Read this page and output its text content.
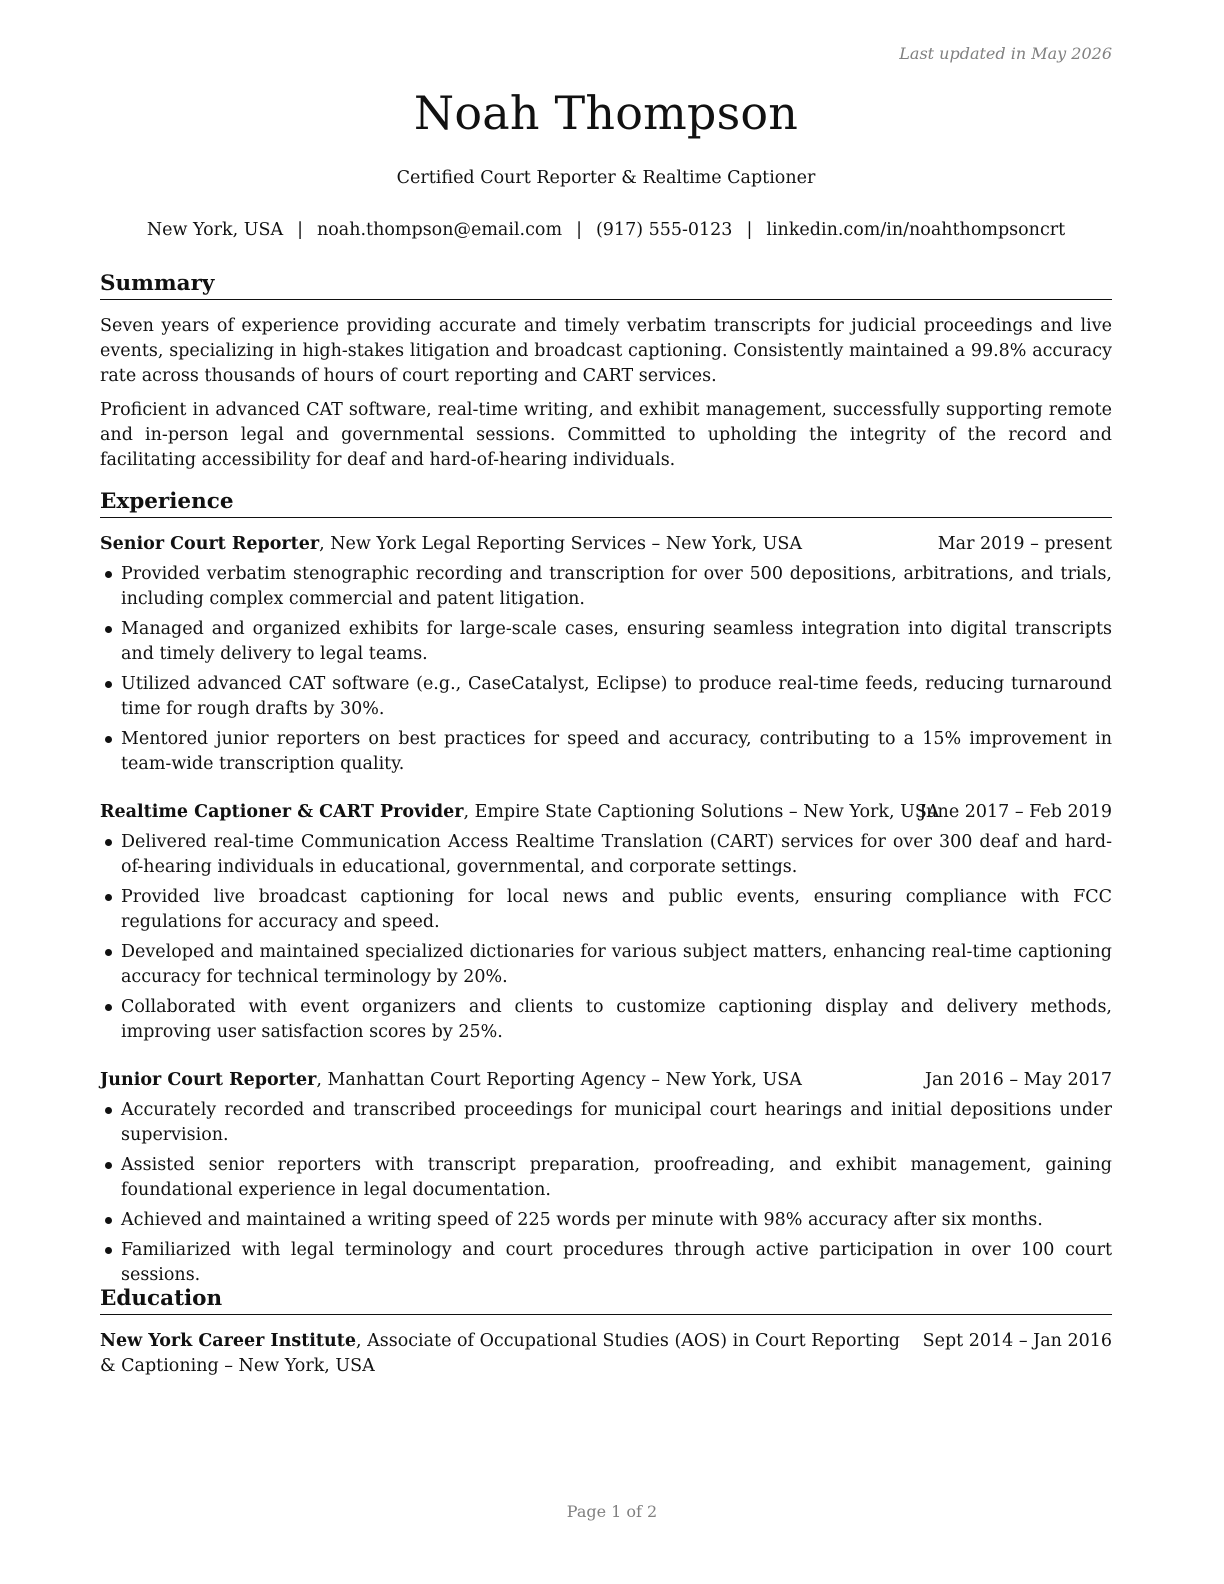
Last updated in May 2026
Noah Thompson
Certified Court Reporter & Realtime Captioner
New York, USA | noah.thompson@email.com | (917) 555-0123 | linkedin.com/in/noahthompsoncrt
Summary
Seven years of experience providing accurate and timely verbatim transcripts for judicial proceedings and live events, specializing in high-stakes litigation and broadcast captioning. Consistently maintained a 99.8% accuracy rate across thousands of hours of court reporting and CART services.
Proficient in advanced CAT software, real-time writing, and exhibit management, successfully supporting remote and in-person legal and governmental sessions. Committed to upholding the integrity of the record and facilitating accessibility for deaf and hard-of-hearing individuals.
Experience
Senior Court Reporter, New York Legal Reporting Services – New York, USA	Mar 2019 – present
Provided verbatim stenographic recording and transcription for over 500 depositions, arbitrations, and trials, including complex commercial and patent litigation.
Managed and organized exhibits for large-scale cases, ensuring seamless integration into digital transcripts and timely delivery to legal teams.
Utilized advanced CAT software (e.g., CaseCatalyst, Eclipse) to produce real-time feeds, reducing turnaround time for rough drafts by 30%.
Mentored junior reporters on best practices for speed and accuracy, contributing to a 15% improvement in team-wide transcription quality.
Realtime Captioner & CART Provider, Empire State Captioning Solutions – New York, USA
June 2017 – Feb 2019
Delivered real-time Communication Access Realtime Translation (CART) services for over 300 deaf and hard-of-hearing individuals in educational, governmental, and corporate settings.
Provided live broadcast captioning for local news and public events, ensuring compliance with FCC regulations for accuracy and speed.
Developed and maintained specialized dictionaries for various subject matters, enhancing real-time captioning accuracy for technical terminology by 20%.
Collaborated with event organizers and clients to customize captioning display and delivery methods, improving user satisfaction scores by 25%.
Junior Court Reporter, Manhattan Court Reporting Agency – New York, USA	Jan 2016 – May 2017
Accurately recorded and transcribed proceedings for municipal court hearings and initial depositions under supervision.
Assisted senior reporters with transcript preparation, proofreading, and exhibit management, gaining foundational experience in legal documentation.
Achieved and maintained a writing speed of 225 words per minute with 98% accuracy after six months.
Familiarized with legal terminology and court procedures through active participation in over 100 court sessions.
Education
New York Career Institute, Associate of Occupational Studies (AOS) in Court Reporting & Captioning – New York, USA
Sept 2014 – Jan 2016
Page 1 of 2
